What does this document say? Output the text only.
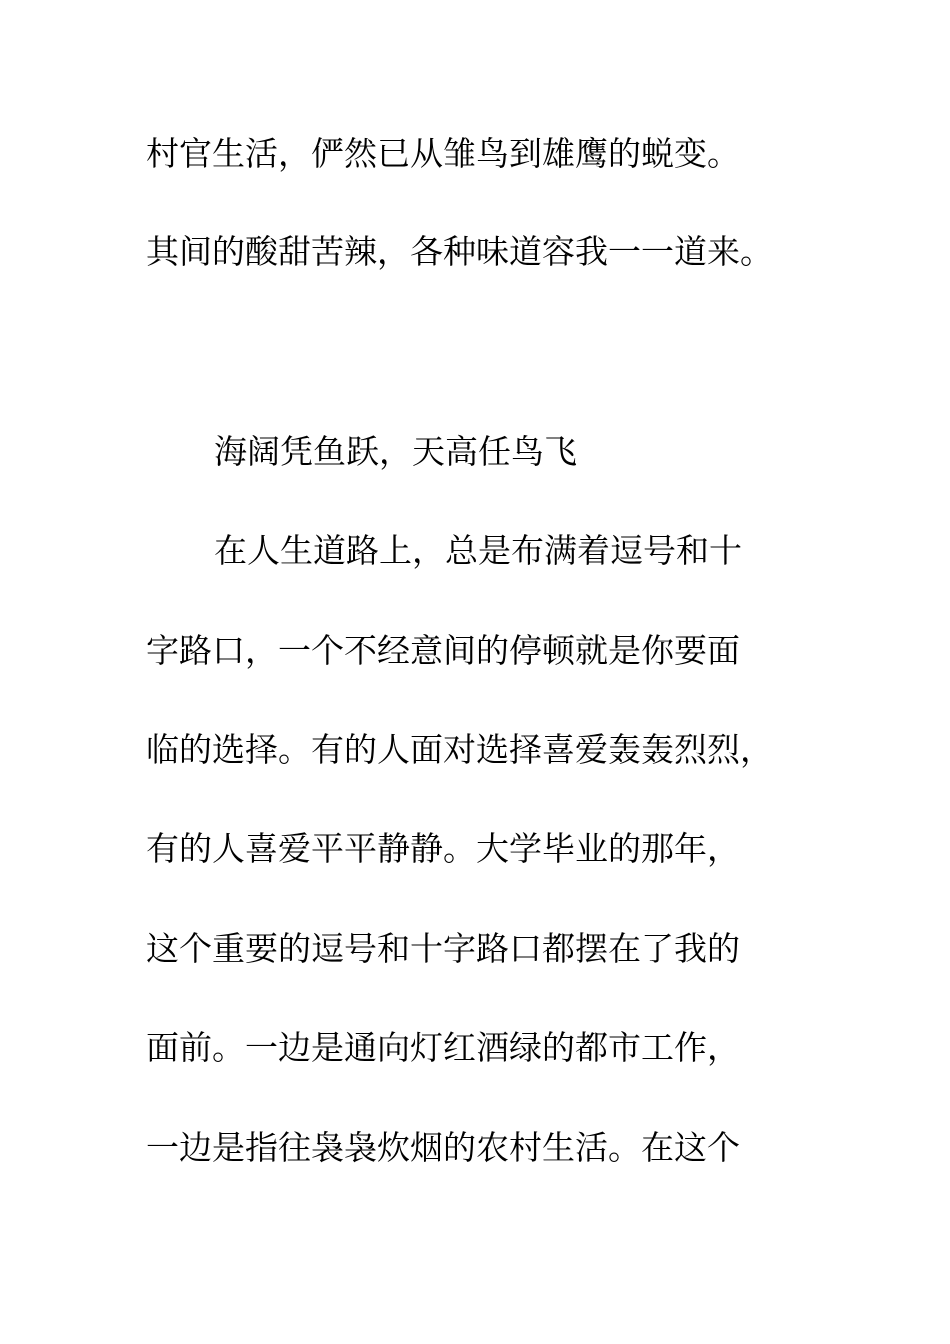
村官生活，俨然已从雏鸟到雄鹰的蜕变。
其间的酸甜苦辣，各种味道容我一一道来。
海阔凭鱼跃，天高任鸟飞
在人生道路上，总是布满着逗号和十
字路口，一个不经意间的停顿就是你要面
临的选择。有的人面对选择喜爱轰轰烈烈，
有的人喜爱平平静静。大学毕业的那年，
这个重要的逗号和十字路口都摆在了我的
面前。一边是通向灯红酒绿的都市工作，
一边是指往袅袅炊烟的农村生活。在这个
